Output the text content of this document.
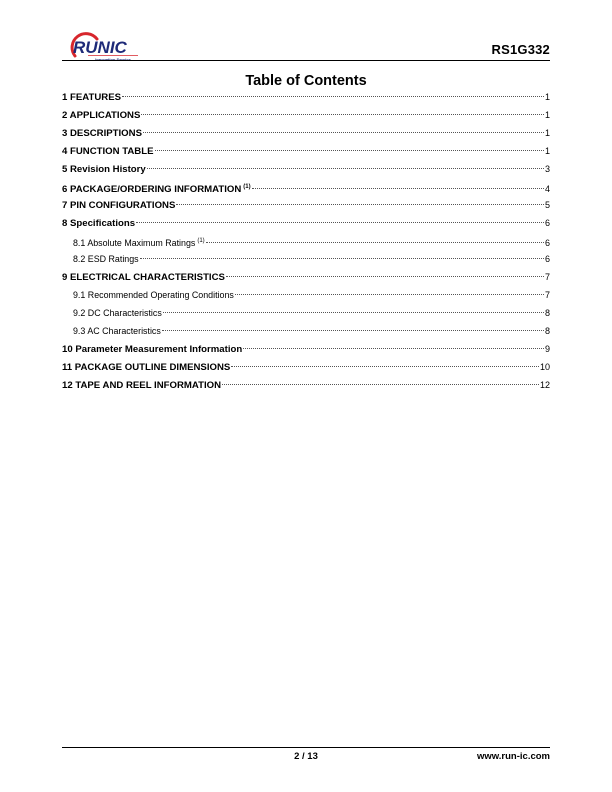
RUNIC
Innovation Service
RS1G332
Table of Contents
1 FEATURES	1
2 APPLICATIONS	1
3 DESCRIPTIONS	1
4 FUNCTION TABLE	1
5 Revision History	3
6 PACKAGE/ORDERING INFORMATION $^{(1)}$	4
7 PIN CONFIGURATIONS	5
8 Specifications	6
8.1 Absolute Maximum Ratings $^{(1)}$	6
8.2 ESD Ratings	6
9 ELECTRICAL CHARACTERISTICS	7
9.1 Recommended Operating Conditions	7
9.2 DC Characteristics	8
9.3 AC Characteristics	8
10 Parameter Measurement Information	9
11 PACKAGE OUTLINE DIMENSIONS	10
12 TAPE AND REEL INFORMATION	12
2 / 13	www.run-ic.com
